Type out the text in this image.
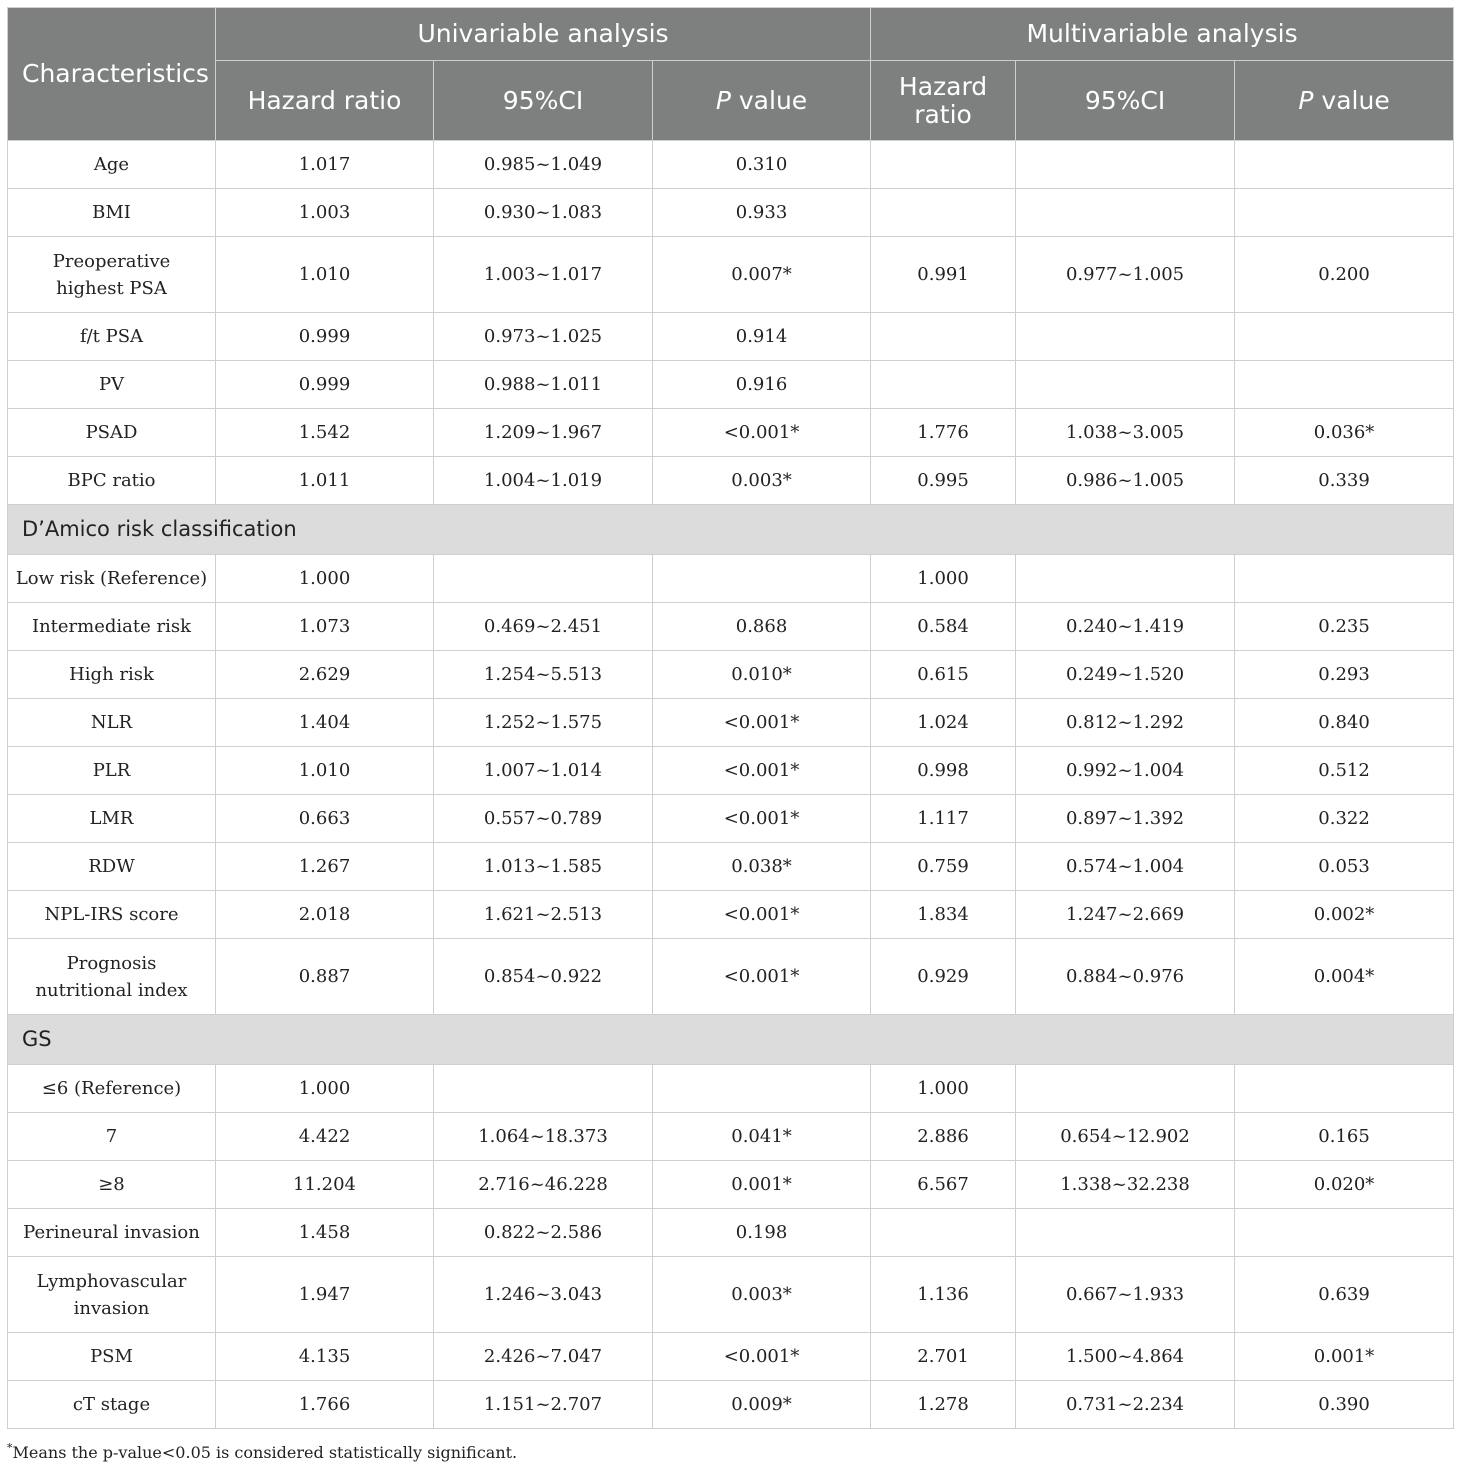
Characteristics	Univariable analysis			Multivariable analysis		
	Hazard ratio	95%CI	P value	Hazard ratio	95%CI	P value
Age	1.017	0.985~1.049	0.310			
BMI	1.003	0.930~1.083	0.933			
Preoperative
highest PSA	1.010	1.003~1.017	0.007*	0.991	0.977~1.005	0.200
f/t PSA	0.999	0.973~1.025	0.914			
PV	0.999	0.988~1.011	0.916			
PSAD	1.542	1.209~1.967	<0.001*	1.776	1.038~3.005	0.036*
BPC ratio	1.011	1.004~1.019	0.003*	0.995	0.986~1.005	0.339
D’Amico risk classification						
Low risk (Reference)	1.000			1.000		
Intermediate risk	1.073	0.469~2.451	0.868	0.584	0.240~1.419	0.235
High risk	2.629	1.254~5.513	0.010*	0.615	0.249~1.520	0.293
NLR	1.404	1.252~1.575	<0.001*	1.024	0.812~1.292	0.840
PLR	1.010	1.007~1.014	<0.001*	0.998	0.992~1.004	0.512
LMR	0.663	0.557~0.789	<0.001*	1.117	0.897~1.392	0.322
RDW	1.267	1.013~1.585	0.038*	0.759	0.574~1.004	0.053
NPL-IRS score	2.018	1.621~2.513	<0.001*	1.834	1.247~2.669	0.002*
Prognosis
nutritional index	0.887	0.854~0.922	<0.001*	0.929	0.884~0.976	0.004*
GS						
≤6 (Reference)	1.000			1.000		
7	4.422	1.064~18.373	0.041*	2.886	0.654~12.902	0.165
≥8	11.204	2.716~46.228	0.001*	6.567	1.338~32.238	0.020*
Perineural invasion	1.458	0.822~2.586	0.198			
Lymphovascular
invasion	1.947	1.246~3.043	0.003*	1.136	0.667~1.933	0.639
PSM	4.135	2.426~7.047	<0.001*	2.701	1.500~4.864	0.001*
cT stage	1.766	1.151~2.707	0.009*	1.278	0.731~2.234	0.390
*Means the p-value<0.05 is considered statistically significant.
